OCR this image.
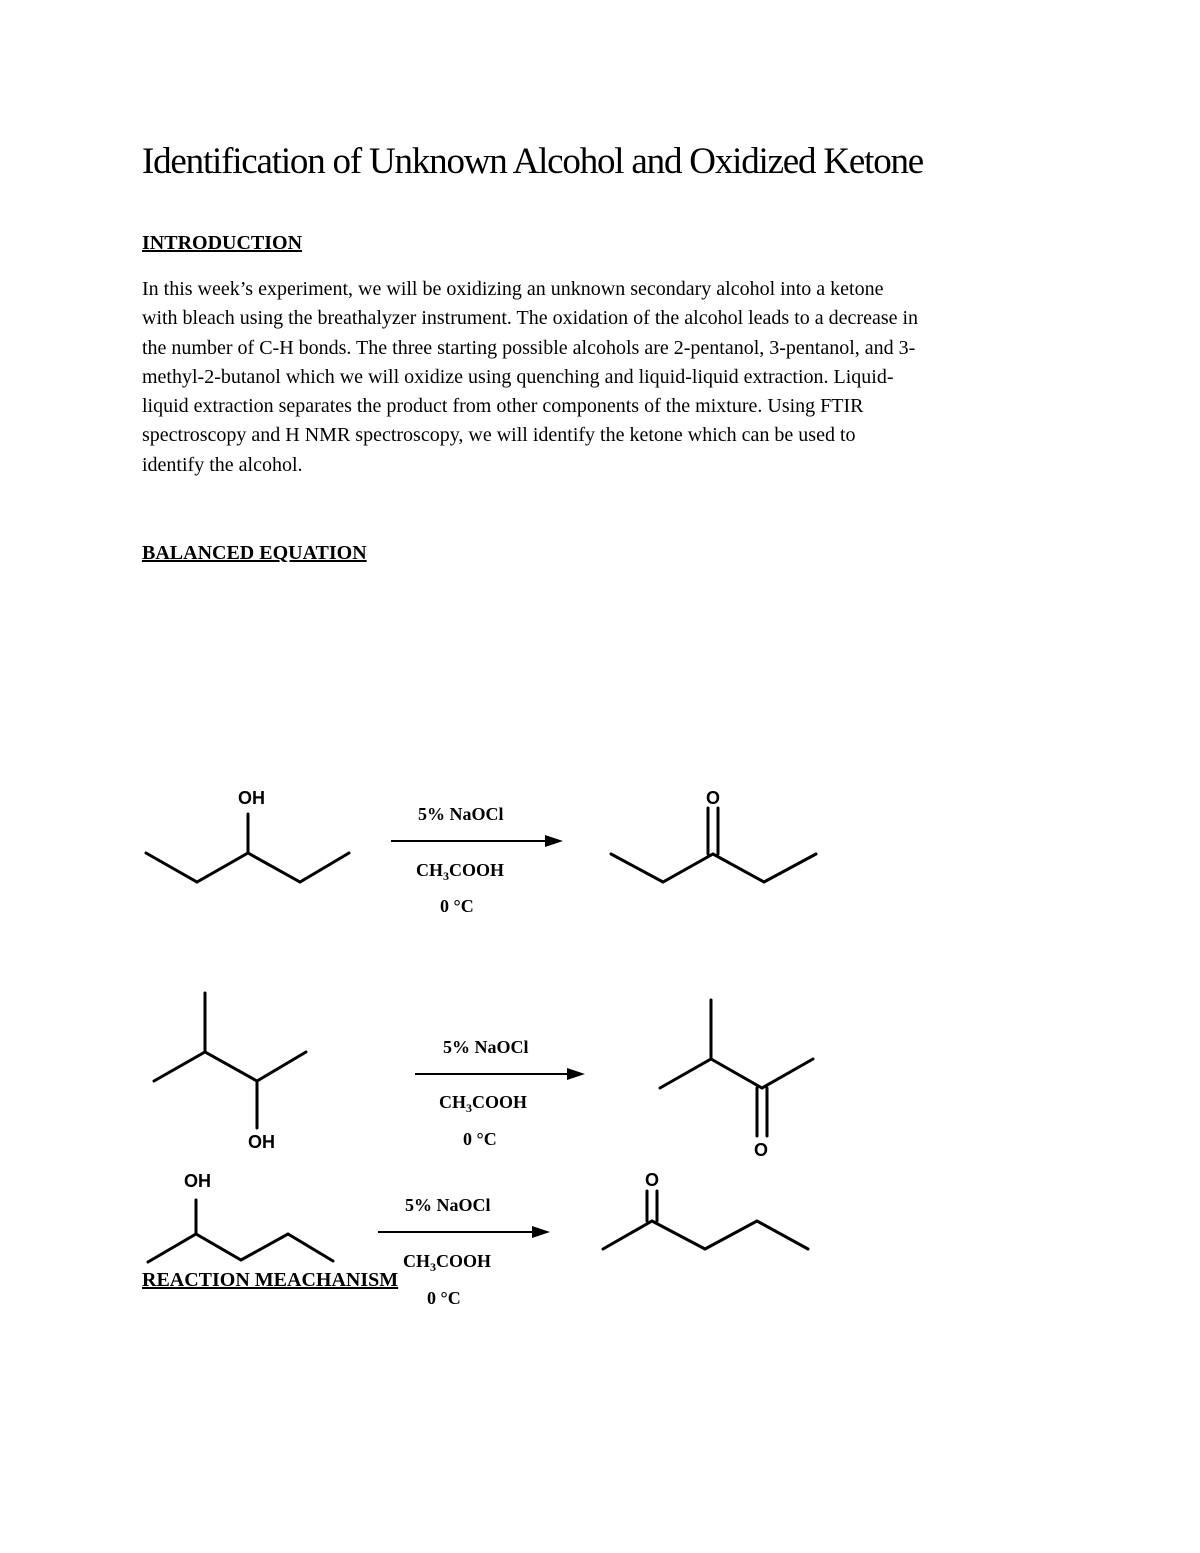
Identification of Unknown Alcohol and Oxidized Ketone
INTRODUCTION

In this week’s experiment, we will be oxidizing an unknown secondary alcohol into a ketone
with bleach using the breathalyzer instrument. The oxidation of the alcohol leads to a decrease in
the number of C-H bonds. The three starting possible alcohols are 2-pentanol, 3-pentanol, and 3-
methyl-2-butanol which we will oxidize using quenching and liquid-liquid extraction. Liquid-
liquid extraction separates the product from other components of the mixture. Using FTIR
spectroscopy and H NMR spectroscopy, we will identify the ketone which can be used to
identify the alcohol.

BALANCED EQUATION
OH
5% NaOCl
$CH_3COOH$
0 °C
O
OH
5% NaOCl
$CH_3COOH$
0 °C
O
OH
5% NaOCl
$CH_3COOH$
0 °C
O
REACTION MEACHANISM
